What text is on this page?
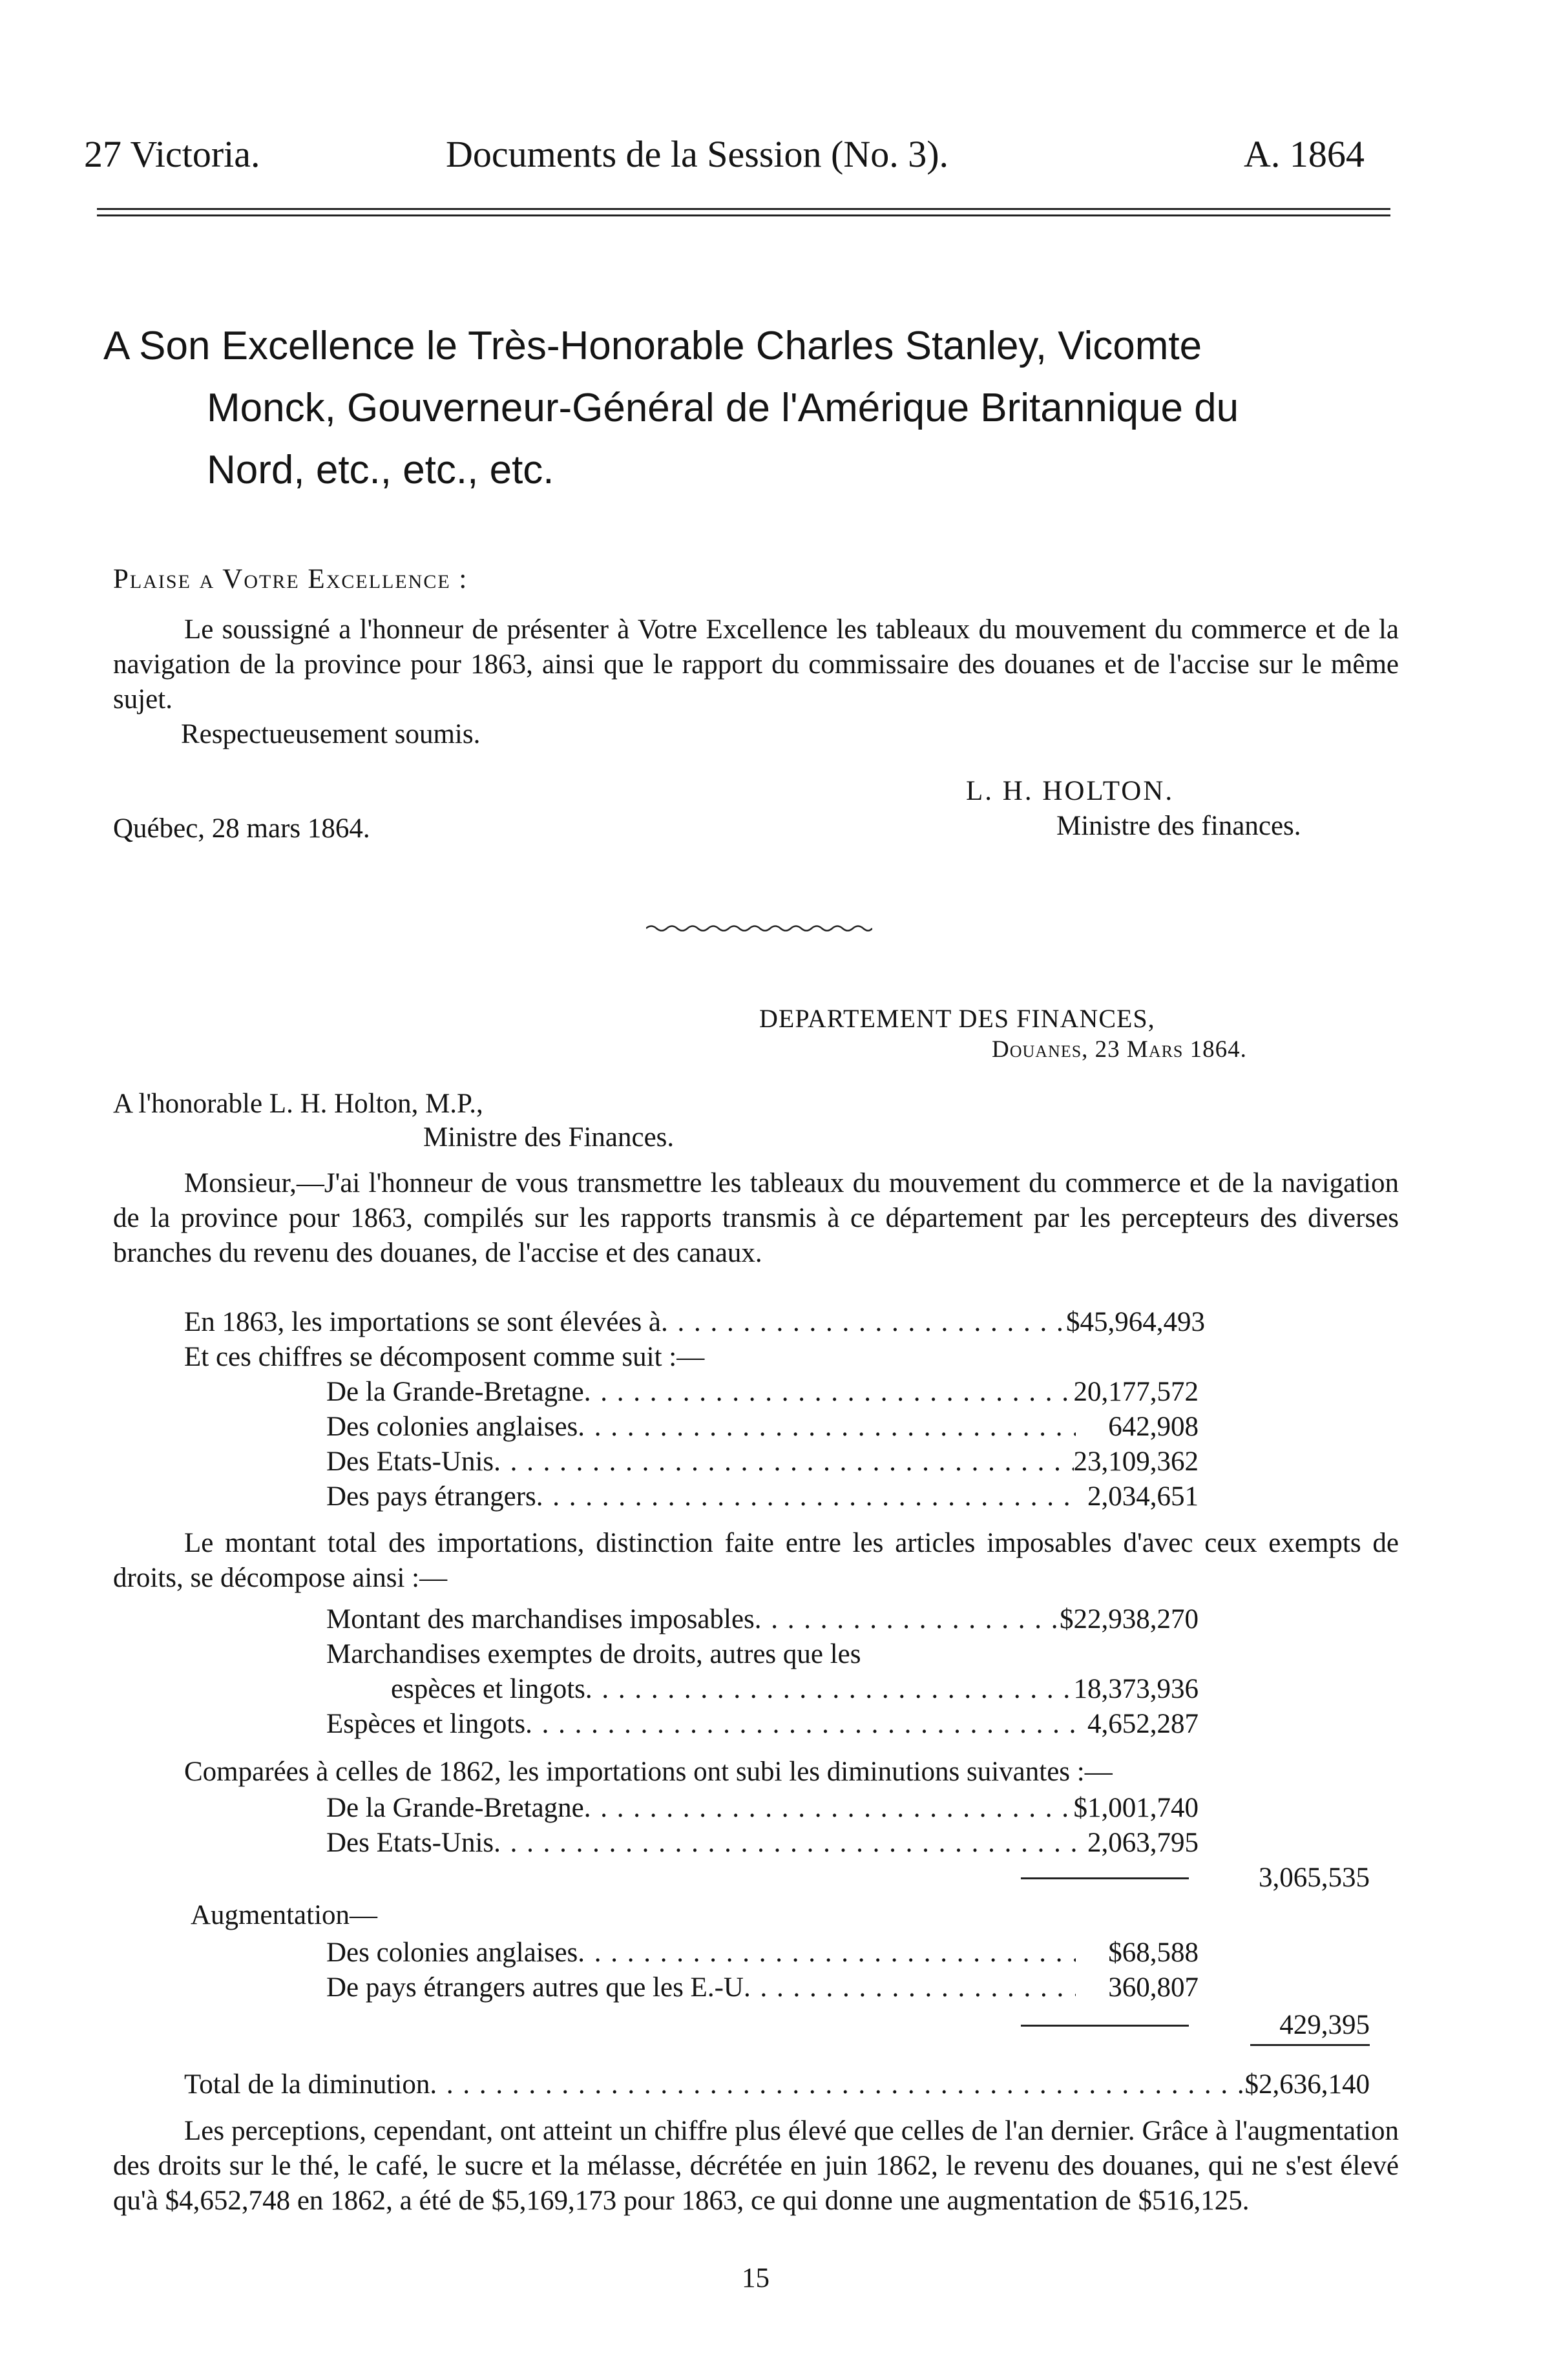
27 Victoria.	Documents de la Session (No. 3).	A. 1864
A Son Excellence le Très-Honorable Charles Stanley, Vicomte
Monck, Gouverneur-Général de l'Amérique Britannique du
Nord, etc., etc., etc.
Plaise a Votre Excellence :
Le soussigné a l'honneur de présenter à Votre Excellence les tableaux du mouvement du commerce et de la navigation de la province pour 1863, ainsi que le rapport du commissaire des douanes et de l'accise sur le même sujet.
Respectueusement soumis.
L. H. HOLTON.
Ministre des finances.
Québec, 28 mars 1864.
DEPARTEMENT DES FINANCES,
Douanes, 23 Mars 1864.
A l'honorable L. H. Holton, M.P.,
Ministre des Finances.
Monsieur,—J'ai l'honneur de vous transmettre les tableaux du mouvement du commerce et de la navigation de la province pour 1863, compilés sur les rapports transmis à ce département par les percepteurs des diverses branches du revenu des douanes, de l'accise et des canaux.
En 1863, les importations se sont élevées à . . .	$45,964,493
Et ces chiffres se décomposent comme suit :—
De la Grande-Bretagne . . .	20,177,572
Des colonies anglaises . . .	642,908
Des Etats-Unis . . .	23,109,362
Des pays étrangers . . .	2,034,651
Le montant total des importations, distinction faite entre les articles imposables d'avec ceux exempts de droits, se décompose ainsi :—
Montant des marchandises imposables . . .	$22,938,270
Marchandises exemptes de droits, autres que les
espèces et lingots . . .	18,373,936
Espèces et lingots . . .	4,652,287
Comparées à celles de 1862, les importations ont subi les diminutions suivantes :—
De la Grande-Bretagne . . .	$1,001,740
Des Etats-Unis . . .	2,063,795
3,065,535
Augmentation—
Des colonies anglaises . . .	$68,588
De pays étrangers autres que les E.-U . . .	360,807
429,395
Total de la diminution . . .	$2,636,140
Les perceptions, cependant, ont atteint un chiffre plus élevé que celles de l'an dernier. Grâce à l'augmentation des droits sur le thé, le café, le sucre et la mélasse, décrétée en juin 1862, le revenu des douanes, qui ne s'est élevé qu'à $4,652,748 en 1862, a été de $5,169,173 pour 1863, ce qui donne une augmentation de $516,125.
15
